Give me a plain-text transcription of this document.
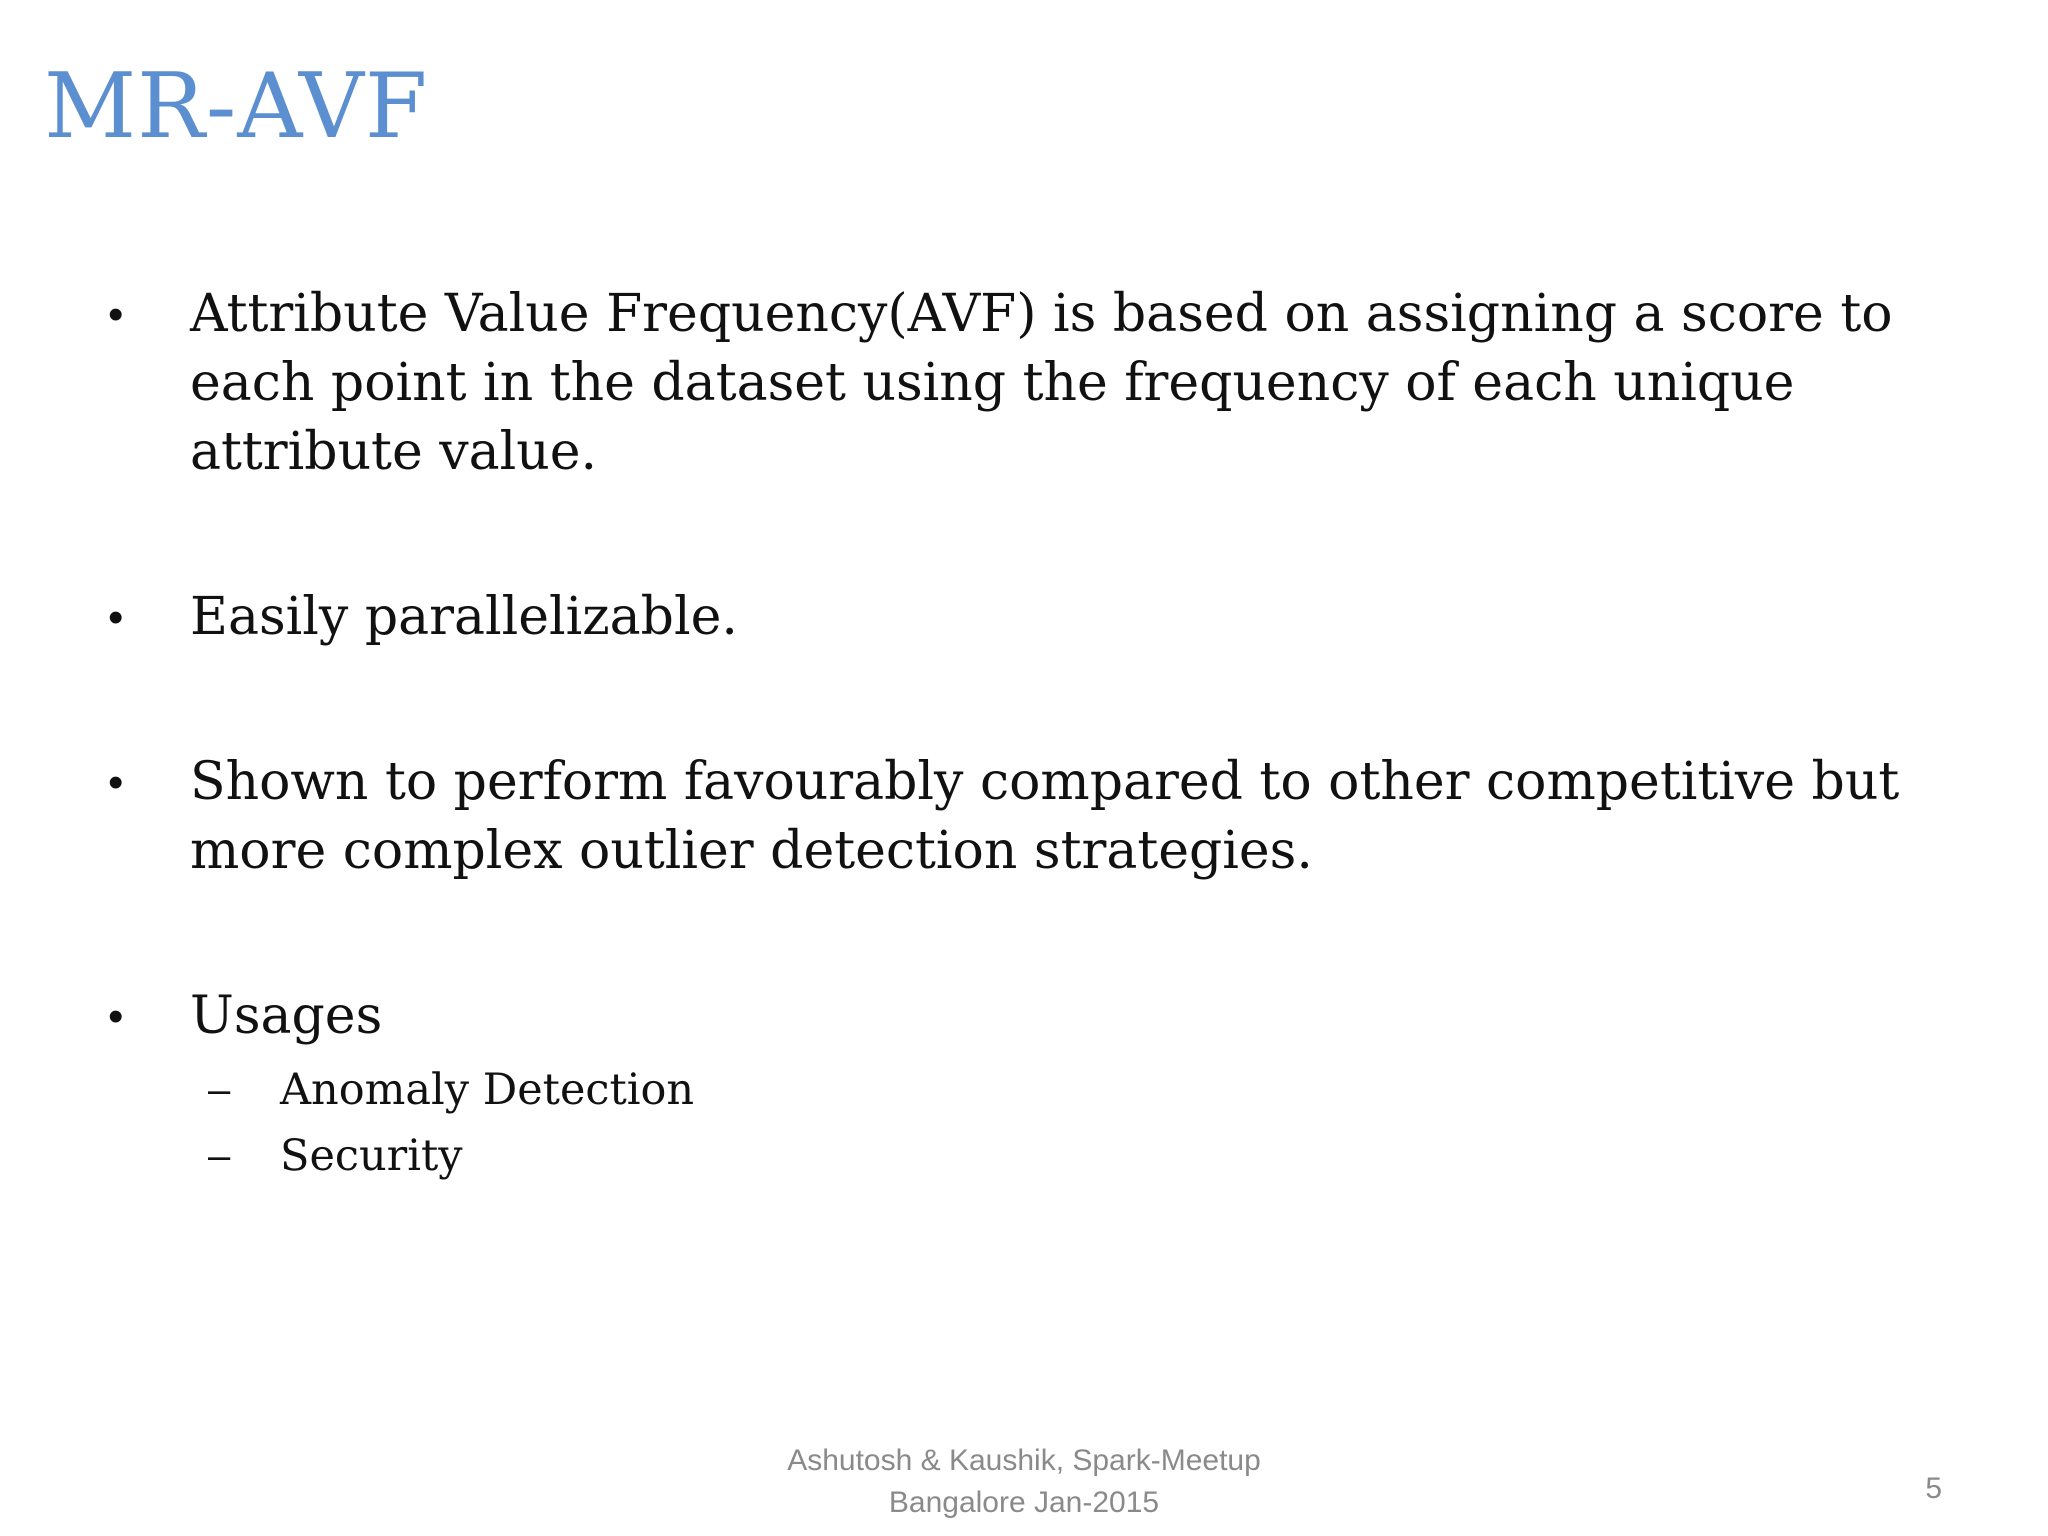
MR-AVF

• Attribute Value Frequency(AVF) is based on assigning a score to each point in the dataset using the frequency of each unique attribute value.

• Easily parallelizable.

• Shown to perform favourably compared to other competitive but more complex outlier detection strategies.

• Usages

– Anomaly Detection

– Security

Ashutosh & Kaushik, Spark-Meetup
Bangalore Jan-2015	5
